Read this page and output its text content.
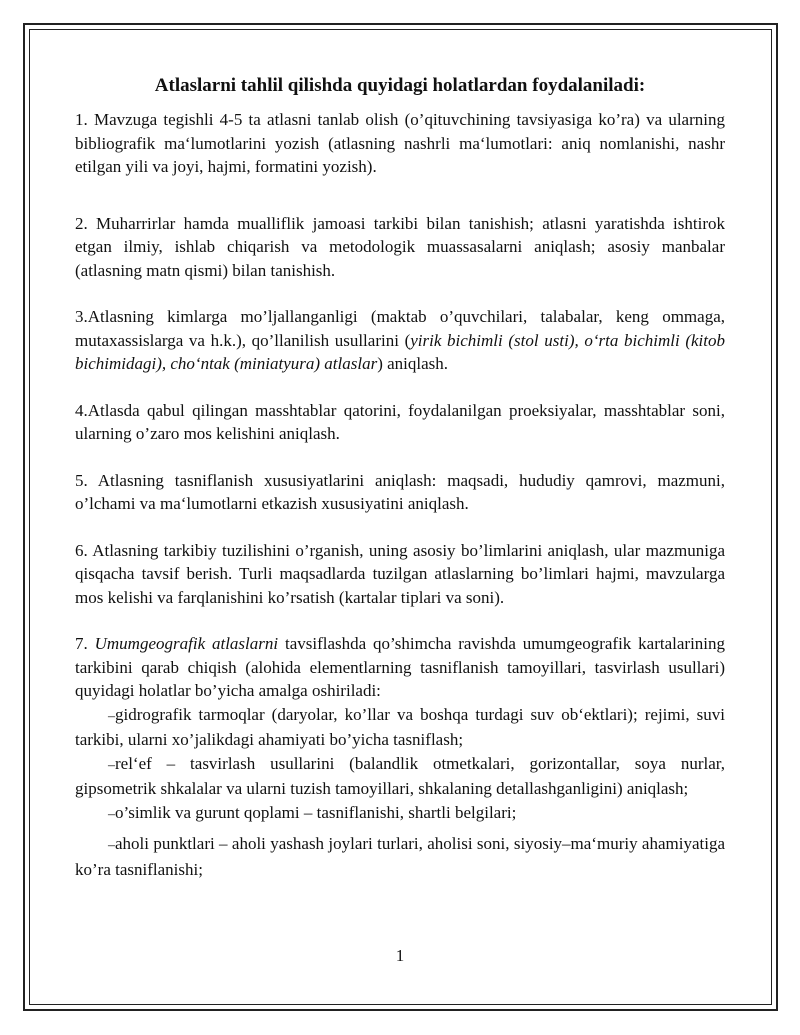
Atlaslarni tahlil qilishda quyidagi holatlardan foydalaniladi:

1. Mavzuga tegishli 4-5 ta atlasni tanlab olish (o’qituvchining tavsiyasiga ko’ra) va ularning bibliografik ma‘lumotlarini yozish (atlasning nashrli ma‘lumotlari: aniq nomlanishi, nashr etilgan yili va joyi, hajmi, formatini yozish).

2. Muharrirlar hamda mualliflik jamoasi tarkibi bilan tanishish; atlasni yaratishda ishtirok etgan ilmiy, ishlab chiqarish va metodologik muassasalarni aniqlash; asosiy manbalar (atlasning matn qismi) bilan tanishish.

3.Atlasning kimlarga mo’ljallanganligi (maktab o’quvchilari, talabalar, keng ommaga, mutaxassislarga va h.k.), qo’llanilish usullarini (yirik bichimli (stol usti), o‘rta bichimli (kitob bichimidagi), cho‘ntak (miniatyura) atlaslar) aniqlash.

4.Atlasda qabul qilingan masshtablar qatorini, foydalanilgan proeksiyalar, masshtablar soni, ularning o’zaro mos kelishini aniqlash.

5. Atlasning tasniflanish xususiyatlarini aniqlash: maqsadi, hududiy qamrovi, mazmuni, o’lchami va ma‘lumotlarni etkazish xususiyatini aniqlash.

6. Atlasning tarkibiy tuzilishini o’rganish, uning asosiy bo’limlarini aniqlash, ular mazmuniga qisqacha tavsif berish. Turli maqsadlarda tuzilgan atlaslarning bo’limlari hajmi, mavzularga mos kelishi va farqlanishini ko’rsatish (kartalar tiplari va soni).

7. Umumgeografik atlaslarni tavsiflashda qo’shimcha ravishda umumgeografik kartalarining tarkibini qarab chiqish (alohida elementlarning tasniflanish tamoyillari, tasvirlash usullari) quyidagi holatlar bo’yicha amalga oshiriladi:

–gidrografik tarmoqlar (daryolar, ko’llar va boshqa turdagi suv ob‘ektlari); rejimi, suvi tarkibi, ularni xo’jalikdagi ahamiyati bo’yicha tasniflash;

–rel‘ef – tasvirlash usullarini (balandlik otmetkalari, gorizontallar, soya nurlar, gipsometrik shkalalar va ularni tuzish tamoyillari, shkalaning detallashganligini) aniqlash;

–o’simlik va gurunt qoplami – tasniflanishi, shartli belgilari;

–aholi punktlari – aholi yashash joylari turlari, aholisi soni, siyosiy–ma‘muriy ahamiyatiga ko’ra tasniflanishi;

1
